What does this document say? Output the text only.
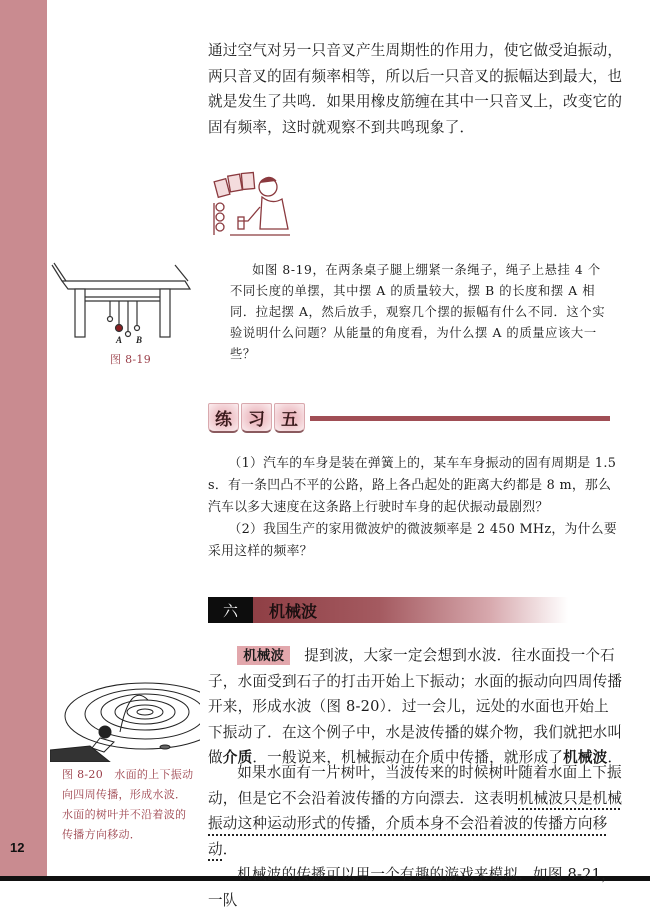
12

通过空气对另一只音叉产生周期性的作用力，使它做受迫振动，两只音叉的固有频率相等，所以后一只音叉的振幅达到最大，也就是发生了共鸣．如果用橡皮筋缠在其中一只音叉上，改变它的固有频率，这时就观察不到共鸣现象了．

A B
图 8-19
如图 8-19，在两条桌子腿上绷紧一条绳子，绳子上悬挂 4 个不同长度的单摆，其中摆 A 的质量较大，摆 B 的长度和摆 A 相同．拉起摆 A，然后放手，观察几个摆的振幅有什么不同．这个实验说明什么问题？从能量的角度看，为什么摆 A 的质量应该大一些？
练 习 五

（1）汽车的车身是装在弹簧上的，某车车身振动的固有周期是 1.5 s．有一条凹凸不平的公路，路上各凸起处的距离大约都是 8 m，那么汽车以多大速度在这条路上行驶时车身的起伏振动最剧烈？

（2）我国生产的家用微波炉的微波频率是 2 450 MHz，为什么要采用这样的频率？

六	机械波

机械波 提到波，大家一定会想到水波．往水面投一个石子，水面受到石子的打击开始上下振动；水面的振动向四周传播开来，形成水波（图 8-20）．过一会儿，远处的水面也开始上下振动了．在这个例子中，水是波传播的媒介物，我们就把水叫做介质．一般说来，机械振动在介质中传播，就形成了机械波．

如果水面有一片树叶，当波传来的时候树叶随着水面上下振动，但是它不会沿着波传播的方向漂去．这表明机械波只是机械振动这种运动形式的传播，介质本身不会沿着波的传播方向移动．

机械波的传播可以用一个有趣的游戏来模拟．如图 8-21，一队

图 8-20　水面的上下振动向四周传播，形成水波．水面的树叶并不沿着波的传播方向移动．
